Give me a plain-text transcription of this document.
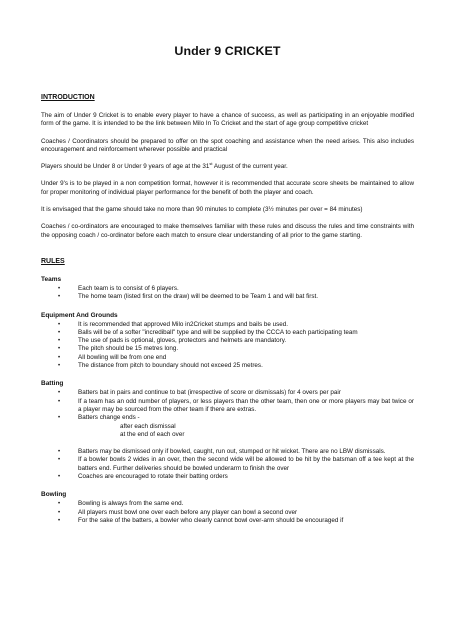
Under 9 CRICKET
INTRODUCTION

The aim of Under 9 Cricket is to enable every player to have a chance of success, as well as participating in an enjoyable modified form of the game. It is intended to be the link between Milo In To Cricket and the start of age group competitive cricket

Coaches / Coordinators should be prepared to offer on the spot coaching and assistance when the need arises. This also includes encouragement and reinforcement wherever possible and practical

Players should be Under 8 or Under 9 years of age at the 31st August of the current year.

Under 9's is to be played in a non competition format, however it is recommended that accurate score sheets be maintained to allow for proper monitoring of individual player performance for the benefit of both the player and coach.

It is envisaged that the game should take no more than 90 minutes to complete (3½ minutes per over = 84 minutes)

Coaches / co-ordinators are encouraged to make themselves familiar with these rules and discuss the rules and time constraints with the opposing coach / co-ordinator before each match to ensure clear understanding of all prior to the game starting.

RULES
Teams
•	Each team is to consist of 6 players.
•	The home team (listed first on the draw) will be deemed to be Team 1 and will bat first.
Equipment And Grounds
•	It is recommended that approved Milo in2Cricket stumps and bails be used.
•	Balls will be of a softer "incrediball" type and will be supplied by the CCCA to each participating team
•	The use of pads is optional, gloves, protectors and helmets are mandatory.
•	The pitch should be 15 metres long.
•	All bowling will be from one end
•	The distance from pitch to boundary should not exceed 25 metres.
Batting
•	Batters bat in pairs and continue to bat (irrespective of score or dismissals) for 4 overs per pair
•	If a team has an odd number of players, or less players than the other team, then one or more players may bat twice or a player may be sourced from the other team if there are extras.
•	Batters change ends -
after each dismissal
at the end of each over
•	Batters may be dismissed only if bowled, caught, run out, stumped or hit wicket. There are no LBW dismissals.
•	If a bowler bowls 2 wides in an over, then the second wide will be allowed to be hit by the batsman off a tee kept at the batters end. Further deliveries should be bowled underarm to finish the over
•	Coaches are encouraged to rotate their batting orders
Bowling
•	Bowling is always from the same end.
•	All players must bowl one over each before any player can bowl a second over
•	For the sake of the batters, a bowler who clearly cannot bowl over-arm should be encouraged if
